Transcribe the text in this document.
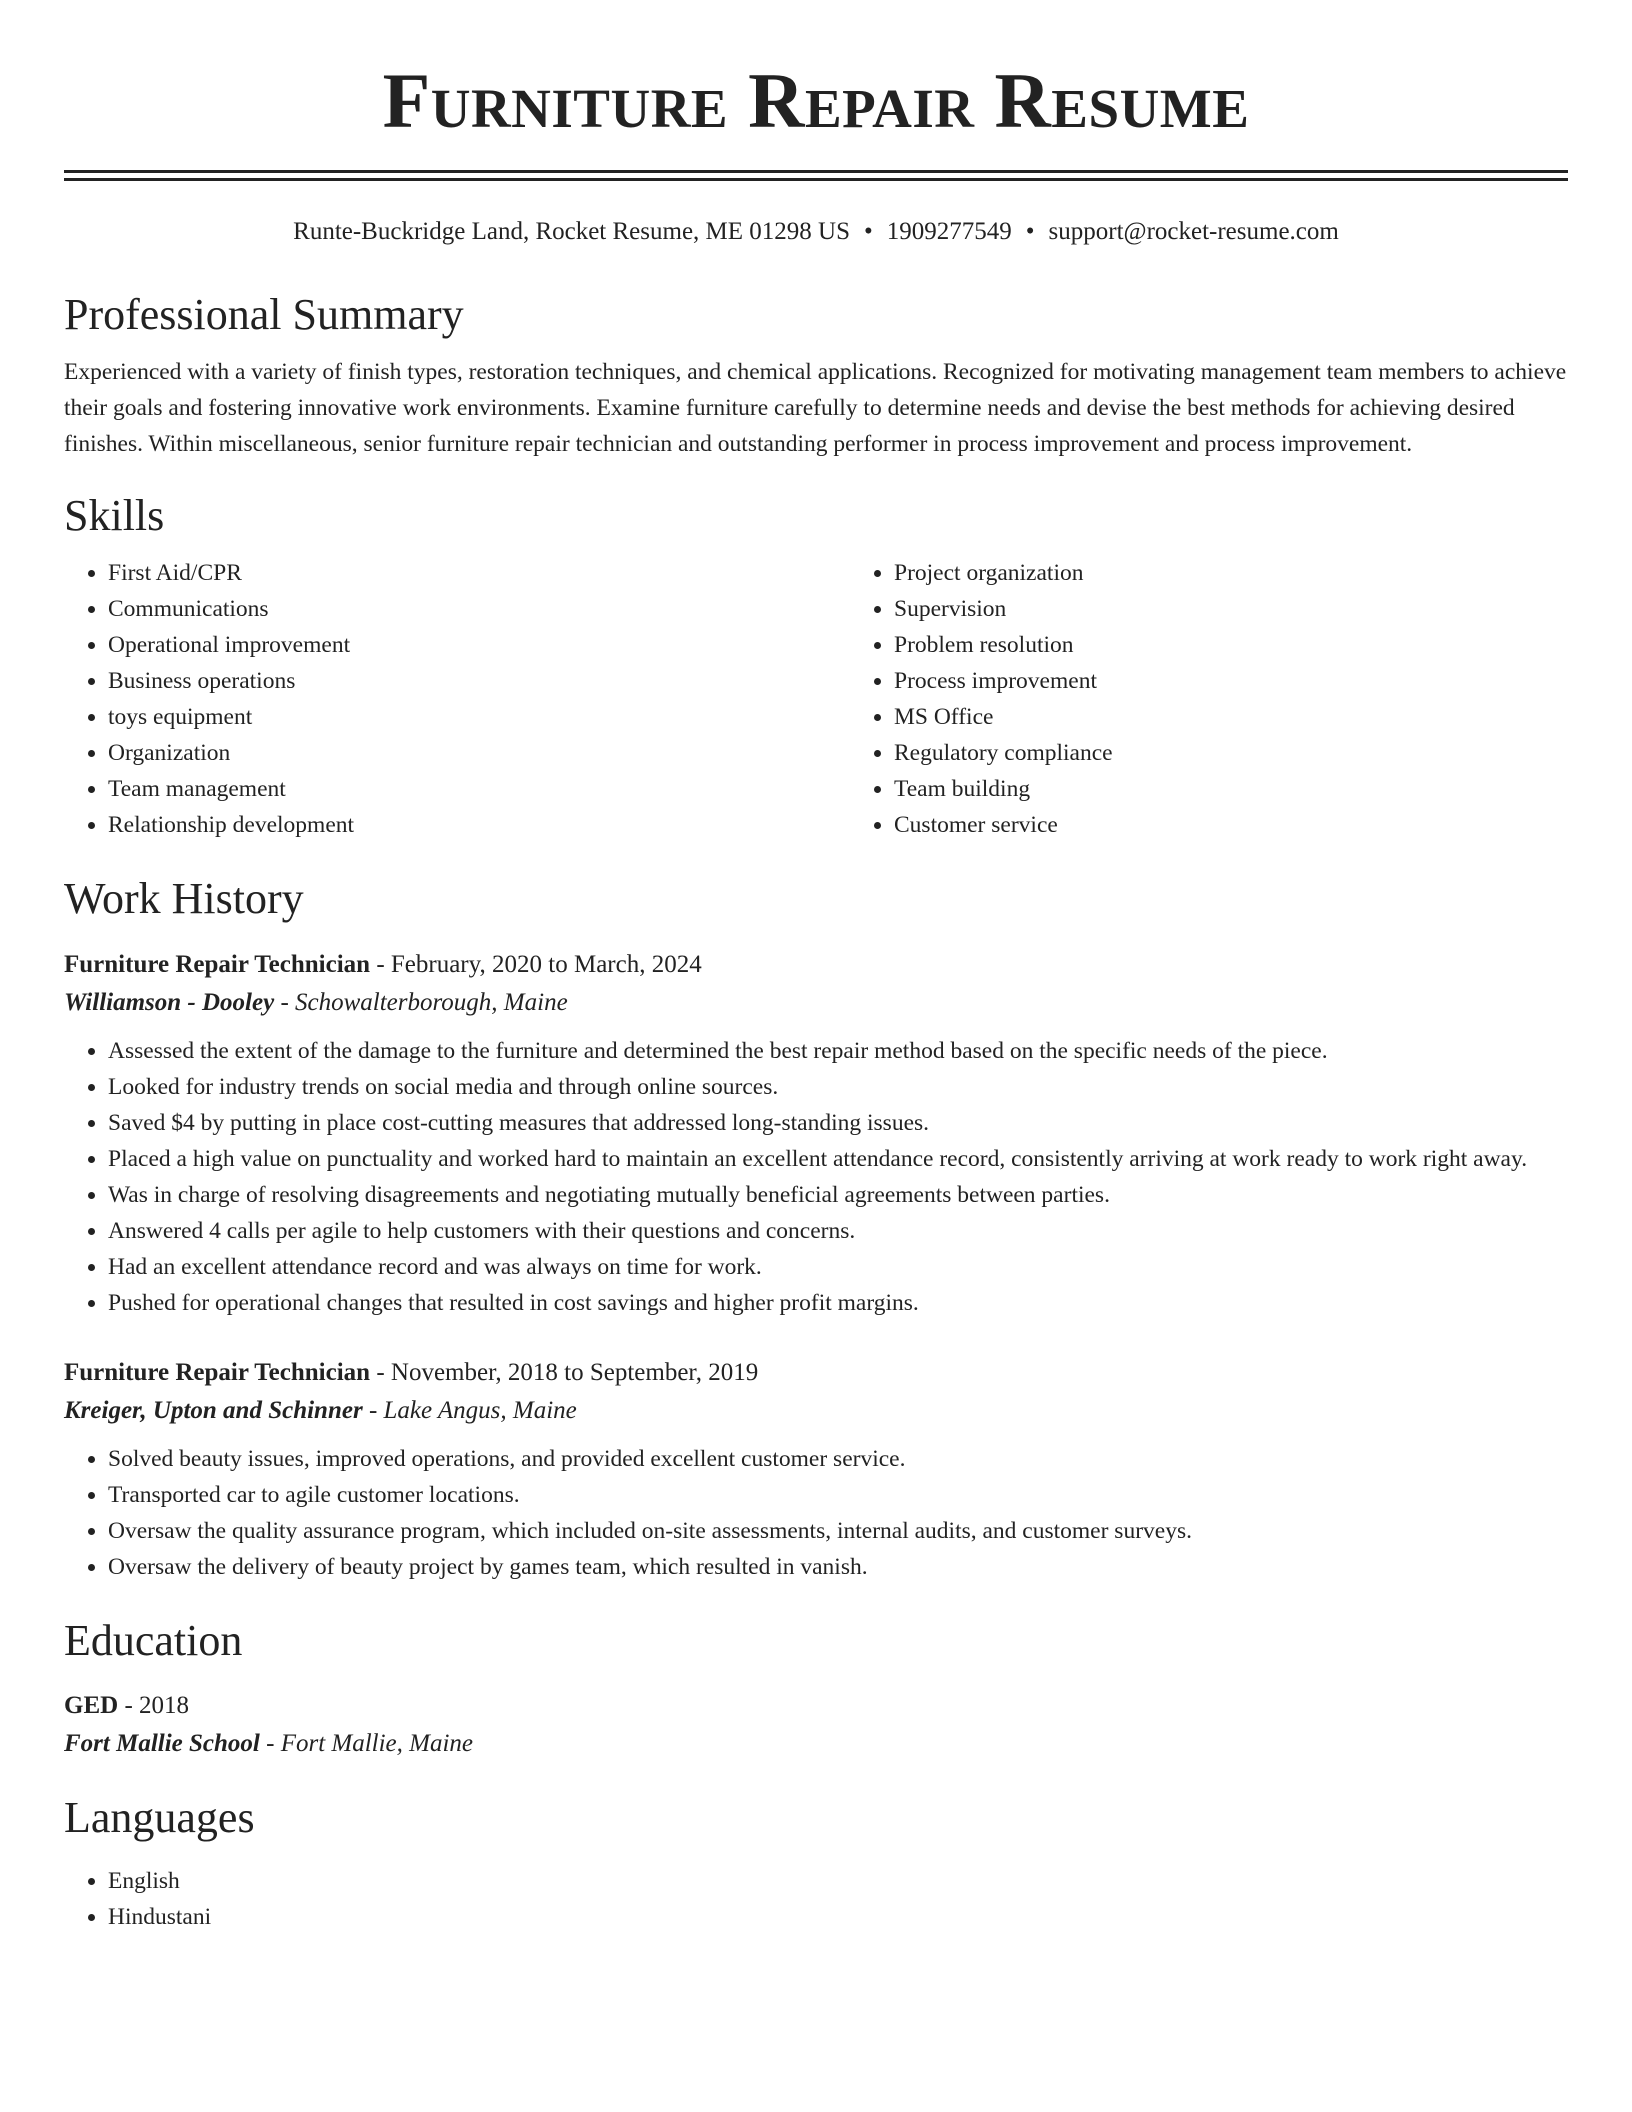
Furniture Repair Resume
Runte-Buckridge Land, Rocket Resume, ME 01298 US • 1909277549 • support@rocket-resume.com
Professional Summary
Experienced with a variety of finish types, restoration techniques, and chemical applications. Recognized for motivating management team members to achieve their goals and fostering innovative work environments. Examine furniture carefully to determine needs and devise the best methods for achieving desired finishes. Within miscellaneous, senior furniture repair technician and outstanding performer in process improvement and process improvement.
Skills
• First Aid/CPR
• Communications
• Operational improvement
• Business operations
• toys equipment
• Organization
• Team management
• Relationship development
• Project organization
• Supervision
• Problem resolution
• Process improvement
• MS Office
• Regulatory compliance
• Team building
• Customer service
Work History
Furniture Repair Technician - February, 2020 to March, 2024
Williamson - Dooley - Schowalterborough, Maine
• Assessed the extent of the damage to the furniture and determined the best repair method based on the specific needs of the piece.
• Looked for industry trends on social media and through online sources.
• Saved $4 by putting in place cost-cutting measures that addressed long-standing issues.
• Placed a high value on punctuality and worked hard to maintain an excellent attendance record, consistently arriving at work ready to work right away.
• Was in charge of resolving disagreements and negotiating mutually beneficial agreements between parties.
• Answered 4 calls per agile to help customers with their questions and concerns.
• Had an excellent attendance record and was always on time for work.
• Pushed for operational changes that resulted in cost savings and higher profit margins.
Furniture Repair Technician - November, 2018 to September, 2019
Kreiger, Upton and Schinner - Lake Angus, Maine
• Solved beauty issues, improved operations, and provided excellent customer service.
• Transported car to agile customer locations.
• Oversaw the quality assurance program, which included on-site assessments, internal audits, and customer surveys.
• Oversaw the delivery of beauty project by games team, which resulted in vanish.
Education
GED - 2018
Fort Mallie School - Fort Mallie, Maine
Languages
• English
• Hindustani
